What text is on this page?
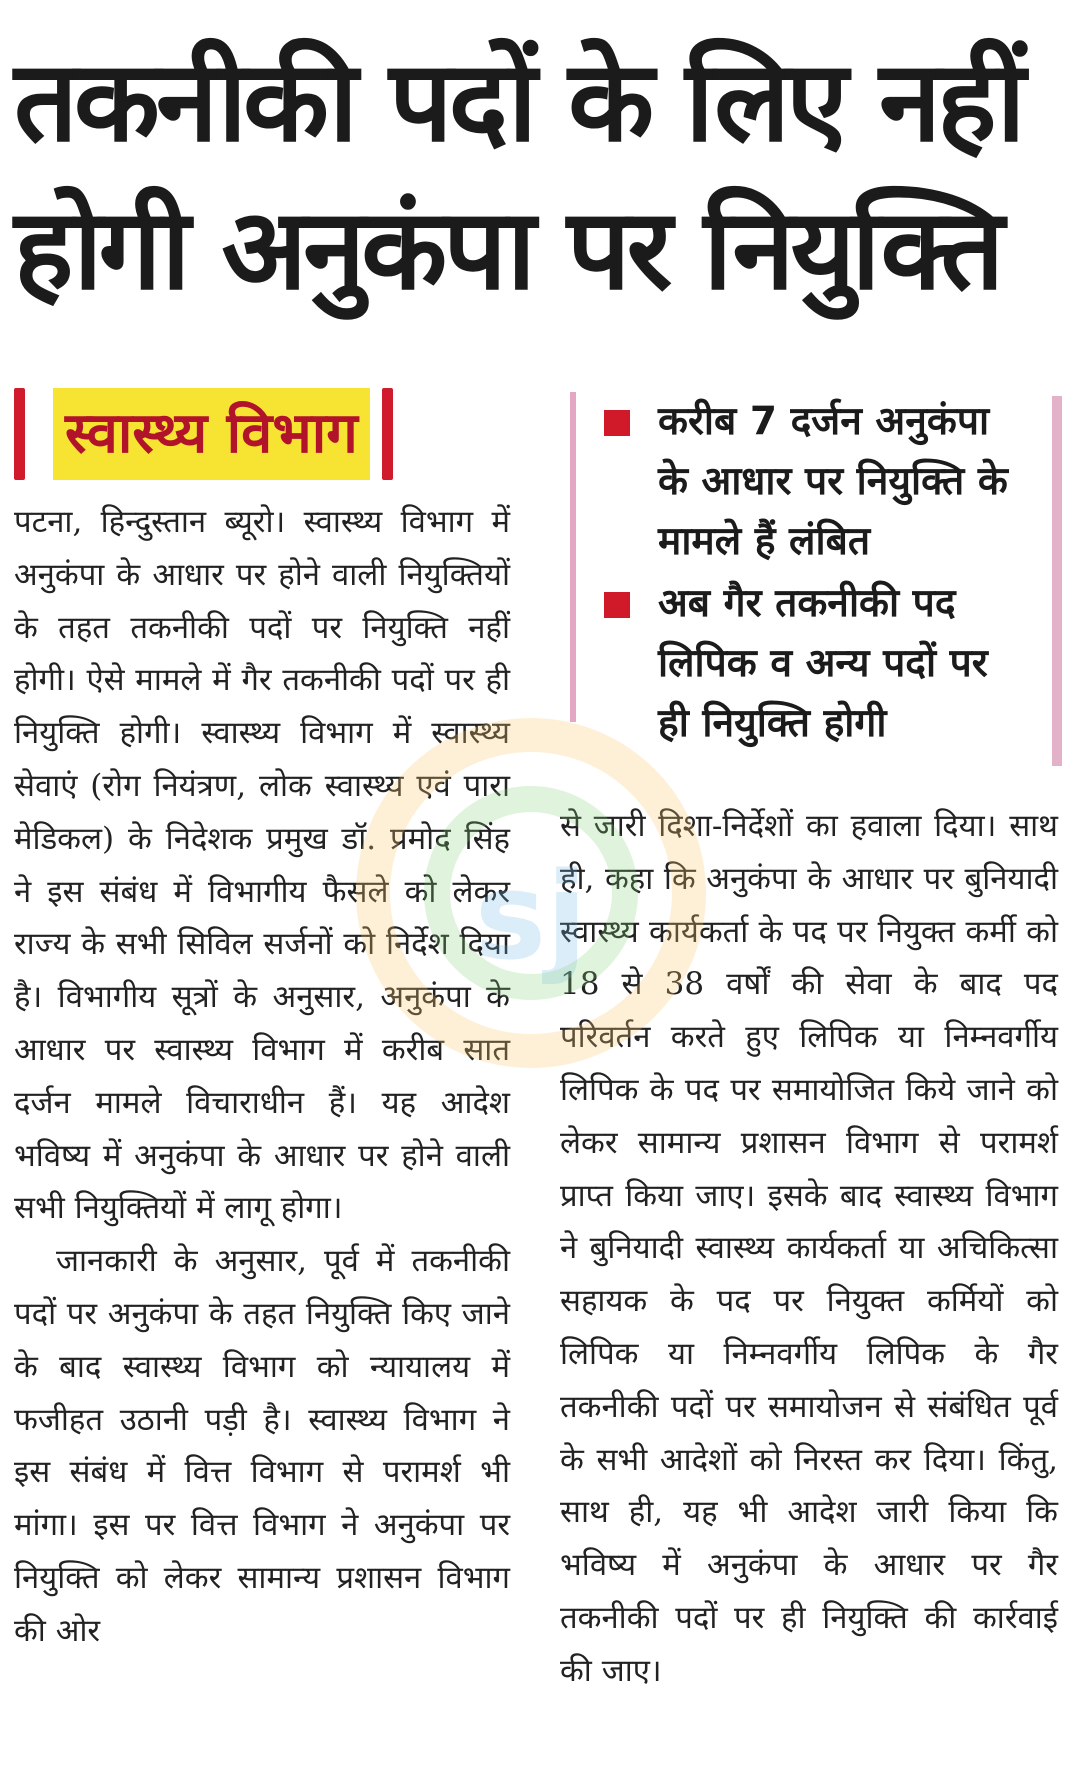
तकनीकी पदों के लिए नहीं
होगी अनुकंपा पर नियुक्ति
स्वास्थ्य विभाग	करीब 7 दर्जन अनुकंपा के आधार पर नियुक्ति के मामले हैं लंबित
अब गैर तकनीकी पद लिपिक व अन्य पदों पर ही नियुक्ति होगी

पटना, हिन्दुस्तान ब्यूरो। स्वास्थ्य विभाग में अनुकंपा के आधार पर होने वाली नियुक्तियों के तहत तकनीकी पदों पर नियुक्ति नहीं होगी। ऐसे मामले में गैर तकनीकी पदों पर ही नियुक्ति होगी। स्वास्थ्य विभाग में स्वास्थ्य सेवाएं (रोग नियंत्रण, लोक स्वास्थ्य एवं पारा मेडिकल) के निदेशक प्रमुख डॉ. प्रमोद सिंह ने इस संबंध में विभागीय फैसले को लेकर राज्य के सभी सिविल सर्जनों को निर्देश दिया है। विभागीय सूत्रों के अनुसार, अनुकंपा के आधार पर स्वास्थ्य विभाग में करीब सात दर्जन मामले विचाराधीन हैं। यह आदेश भविष्य में अनुकंपा के आधार पर होने वाली सभी नियुक्तियों में लागू होगा।

जानकारी के अनुसार, पूर्व में तकनीकी पदों पर अनुकंपा के तहत नियुक्ति किए जाने के बाद स्वास्थ्य विभाग को न्यायालय में फजीहत उठानी पड़ी है। स्वास्थ्य विभाग ने इस संबंध में वित्त विभाग से परामर्श भी मांगा। इस पर वित्त विभाग ने अनुकंपा पर नियुक्ति को लेकर सामान्य प्रशासन विभाग की ओर

से जारी दिशा-निर्देशों का हवाला दिया। साथ ही, कहा कि अनुकंपा के आधार पर बुनियादी स्वास्थ्य कार्यकर्ता के पद पर नियुक्त कर्मी को 18 से 38 वर्षों की सेवा के बाद पद परिवर्तन करते हुए लिपिक या निम्नवर्गीय लिपिक के पद पर समायोजित किये जाने को लेकर सामान्य प्रशासन विभाग से परामर्श प्राप्त किया जाए। इसके बाद स्वास्थ्य विभाग ने बुनियादी स्वास्थ्य कार्यकर्ता या अचिकित्सा सहायक के पद पर नियुक्त कर्मियों को लिपिक या निम्नवर्गीय लिपिक के गैर तकनीकी पदों पर समायोजन से संबंधित पूर्व के सभी आदेशों को निरस्त कर दिया। किंतु, साथ ही, यह भी आदेश जारी किया कि भविष्य में अनुकंपा के आधार पर गैर तकनीकी पदों पर ही नियुक्ति की कार्रवाई की जाए।

sj
